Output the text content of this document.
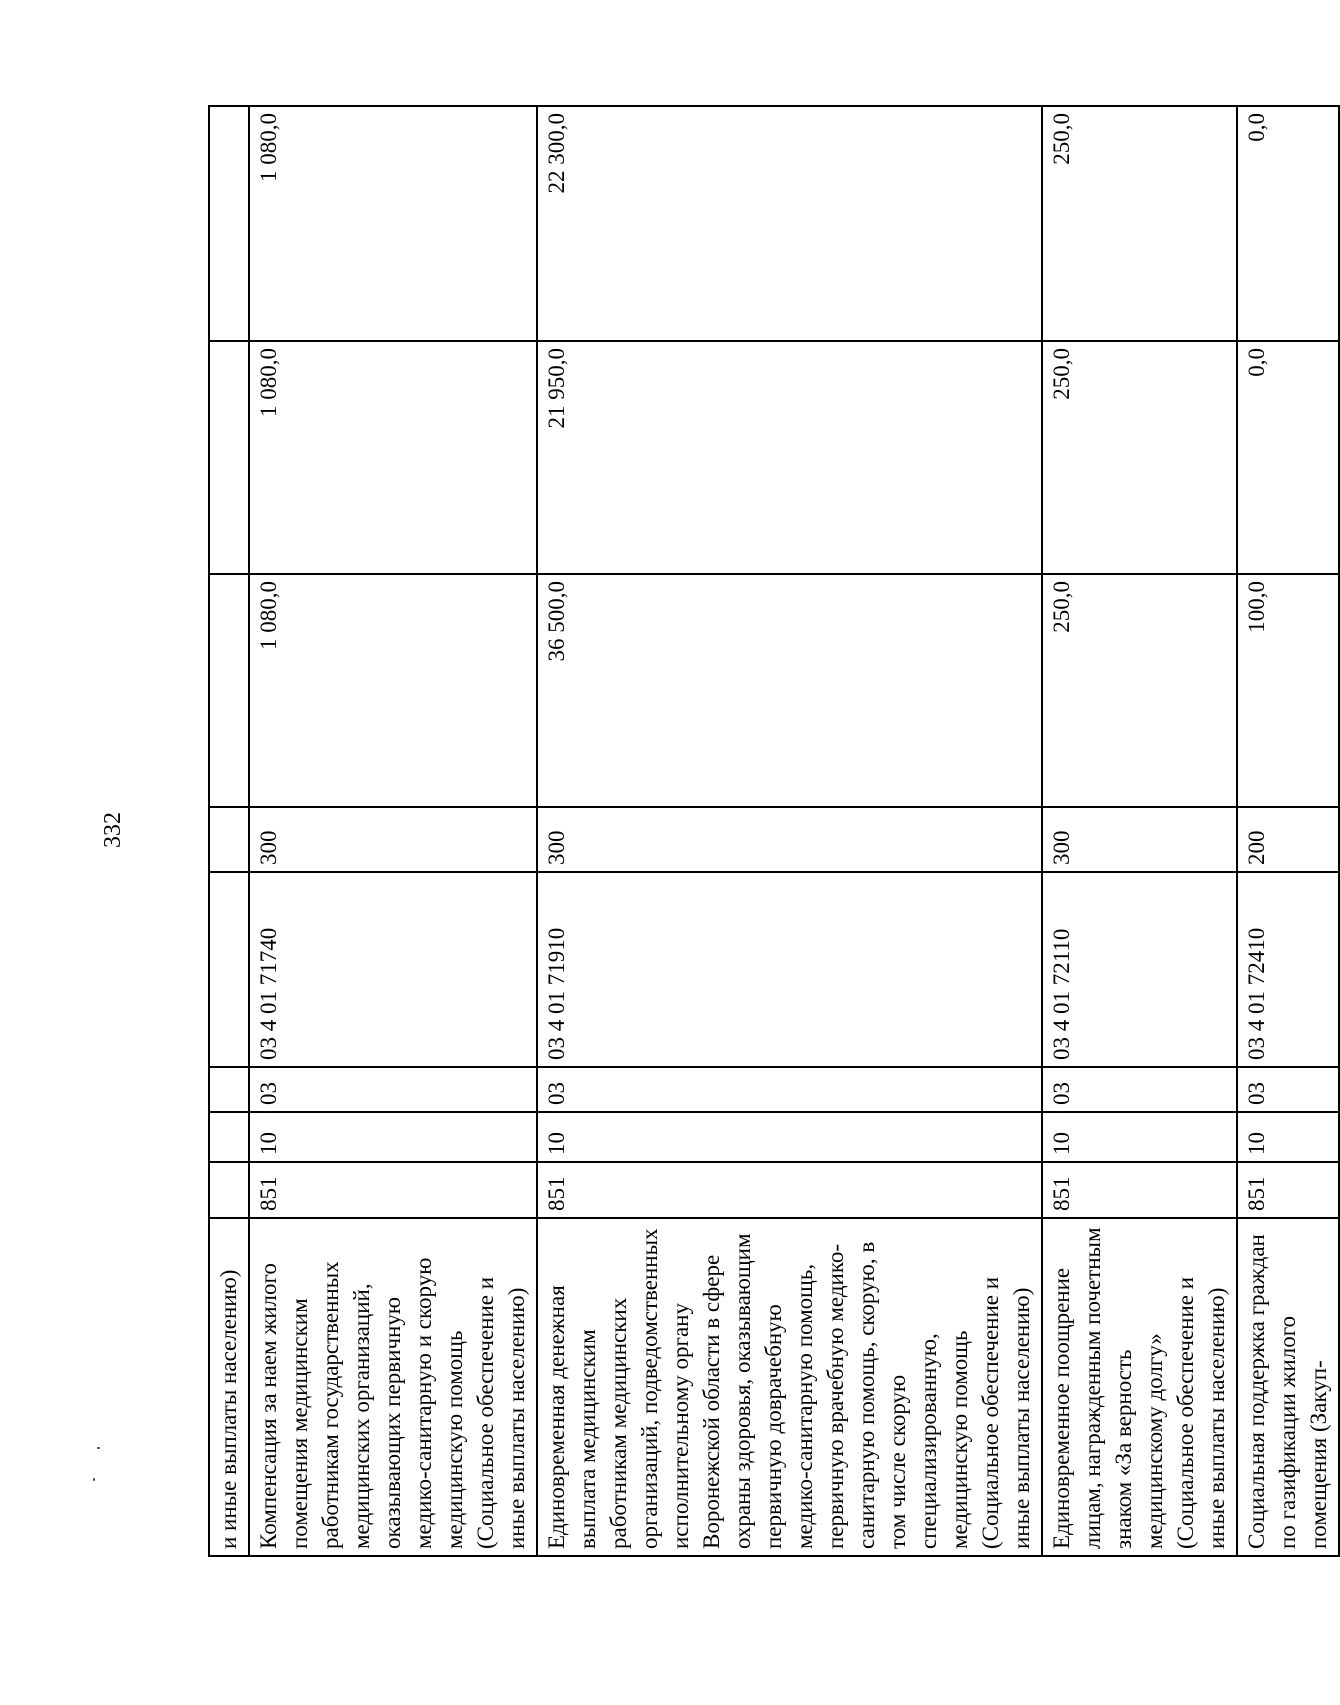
332
и иные выплаты населению)								
Компенсация за наем жилого помещения медицинским работникам государственных медицинских организаций, оказывающих первичную медико-санитарную и скорую медицинскую помощь (Социальное обеспечение и иные выплаты населению)	851	10	03	03 4 01 71740	300	1 080,0	1 080,0	1 080,0
Единовременная денежная выплата медицинским работникам медицинских организаций, подведомственных исполнительному органу Воронежской области в сфере охраны здоровья, оказывающим первичную доврачебную медико-санитарную помощь, первичную врачебную медико-санитарную помощь, скорую, в том числе скорую специализированную, медицинскую помощь (Социальное обеспечение и иные выплаты населению)	851	10	03	03 4 01 71910	300	36 500,0	21 950,0	22 300,0
Единовременное поощрение лицам, награжденным почетным знаком «За верность медицинскому долгу» (Социальное обеспечение и иные выплаты населению)	851	10	03	03 4 01 72110	300	250,0	250,0	250,0
Социальная поддержка граждан по газификации жилого помещения (Закуп-	851	10	03	03 4 01 72410	200	100,0	0,0	0,0
